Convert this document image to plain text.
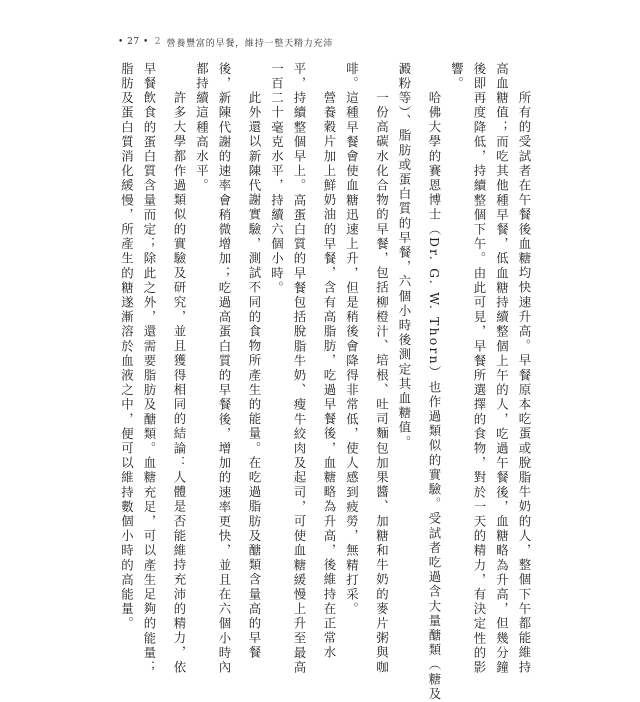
• 27 • 2 營養豐富的早餐，維持一整天精力充沛
所有的受試者在午餐後血糖均快速升高。早餐原本吃蛋或脫脂牛奶的人，整個下午都能維持
高血糖值；而吃其他種早餐，低血糖持續整個上午的人，吃過午餐後，血糖略為升高，但幾分鐘
後即再度降低，持續整個下午。由此可見，早餐所選擇的食物，對於一天的精力，有決定性的影
響。
哈佛大學的賽恩博士（Dr. G. W. Thorn）也作過類似的實驗。受試者吃過含大量醣類（糖及
澱粉等）、脂肪或蛋白質的早餐，六個小時後測定其血糖值。
一份高碳水化合物的早餐，包括柳橙汁、培根、吐司麵包加果醬、加糖和牛奶的麥片粥與咖
啡。這種早餐會使血糖迅速上升，但是稍後會降得非常低，使人感到疲勞，無精打采。
營養穀片加上鮮奶油的早餐，含有高脂肪，吃過早餐後，血糖略為升高，後維持在正常水
平，持續整個早上。高蛋白質的早餐包括脫脂牛奶、瘦牛絞肉及起司，可使血糖緩慢上升至最高
一百二十毫克水平，持續六個小時。
此外還以新陳代謝實驗，測試不同的食物所產生的能量。在吃過脂肪及醣類含量高的早餐
後，新陳代謝的速率會稍微增加；吃過高蛋白質的早餐後，增加的速率更快，並且在六個小時內
都持續這種高水平。
許多大學都作過類似的實驗及研究，並且獲得相同的結論：人體是否能維持充沛的精力，依
早餐飲食的蛋白質含量而定；除此之外，還需要脂肪及醣類。血糖充足，可以產生足夠的能量；
脂肪及蛋白質消化緩慢，所產生的糖遂漸溶於血液之中，便可以維持數個小時的高能量。
